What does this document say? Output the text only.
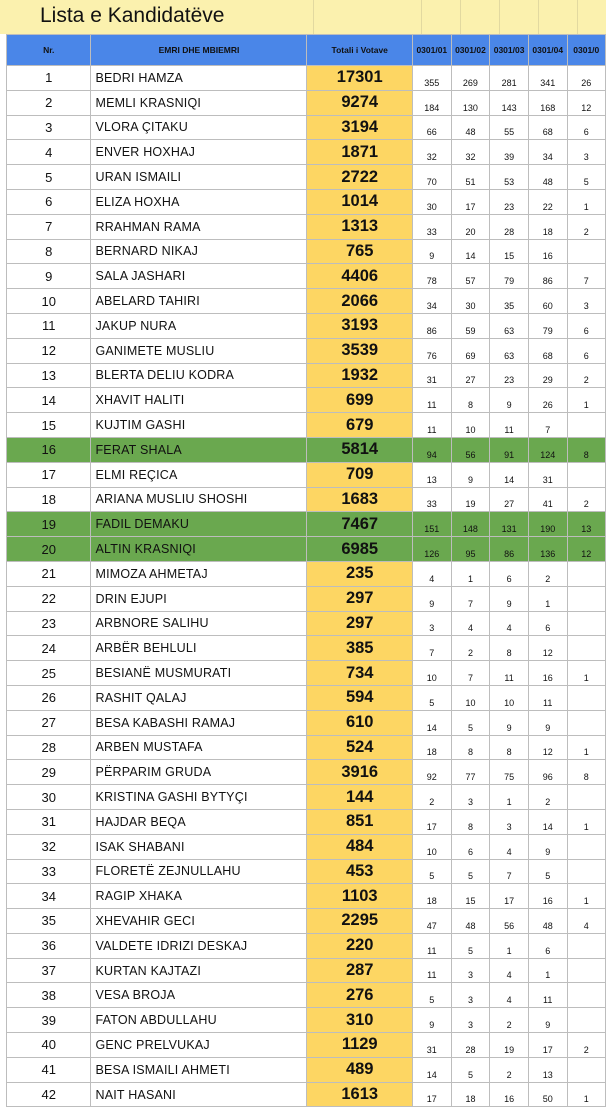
Lista e Kandidatëve
Nr.	EMRI DHE MBIEMRI	Totali i Votave	0301/01	0301/02	0301/03	0301/04	0301/0
1	BEDRI HAMZA	17301	355	269	281	341	26
2	MEMLI KRASNIQI	9274	184	130	143	168	12
3	VLORA ÇITAKU	3194	66	48	55	68	6
4	ENVER HOXHAJ	1871	32	32	39	34	3
5	URAN ISMAILI	2722	70	51	53	48	5
6	ELIZA HOXHA	1014	30	17	23	22	1
7	RRAHMAN RAMA	1313	33	20	28	18	2
8	BERNARD NIKAJ	765	9	14	15	16	
9	SALA JASHARI	4406	78	57	79	86	7
10	ABELARD TAHIRI	2066	34	30	35	60	3
11	JAKUP NURA	3193	86	59	63	79	6
12	GANIMETE MUSLIU	3539	76	69	63	68	6
13	BLERTA DELIU KODRA	1932	31	27	23	29	2
14	XHAVIT HALITI	699	11	8	9	26	1
15	KUJTIM GASHI	679	11	10	11	7	
16	FERAT SHALA	5814	94	56	91	124	8
17	ELMI REÇICA	709	13	9	14	31	
18	ARIANA MUSLIU SHOSHI	1683	33	19	27	41	2
19	FADIL DEMAKU	7467	151	148	131	190	13
20	ALTIN KRASNIQI	6985	126	95	86	136	12
21	MIMOZA AHMETAJ	235	4	1	6	2	
22	DRIN EJUPI	297	9	7	9	1	
23	ARBNORE SALIHU	297	3	4	4	6	
24	ARBËR BEHLULI	385	7	2	8	12	
25	BESIANË MUSMURATI	734	10	7	11	16	1
26	RASHIT QALAJ	594	5	10	10	11	
27	BESA KABASHI RAMAJ	610	14	5	9	9	
28	ARBEN MUSTAFA	524	18	8	8	12	1
29	PËRPARIM GRUDA	3916	92	77	75	96	8
30	KRISTINA GASHI BYTYÇI	144	2	3	1	2	
31	HAJDAR BEQA	851	17	8	3	14	1
32	ISAK SHABANI	484	10	6	4	9	
33	FLORETË ZEJNULLAHU	453	5	5	7	5	
34	RAGIP XHAKA	1103	18	15	17	16	1
35	XHEVAHIR GECI	2295	47	48	56	48	4
36	VALDETE IDRIZI DESKAJ	220	11	5	1	6	
37	KURTAN KAJTAZI	287	11	3	4	1	
38	VESA BROJA	276	5	3	4	11	
39	FATON ABDULLAHU	310	9	3	2	9	
40	GENC PRELVUKAJ	1129	31	28	19	17	2
41	BESA ISMAILI AHMETI	489	14	5	2	13	
42	NAIT HASANI	1613	17	18	16	50	1
